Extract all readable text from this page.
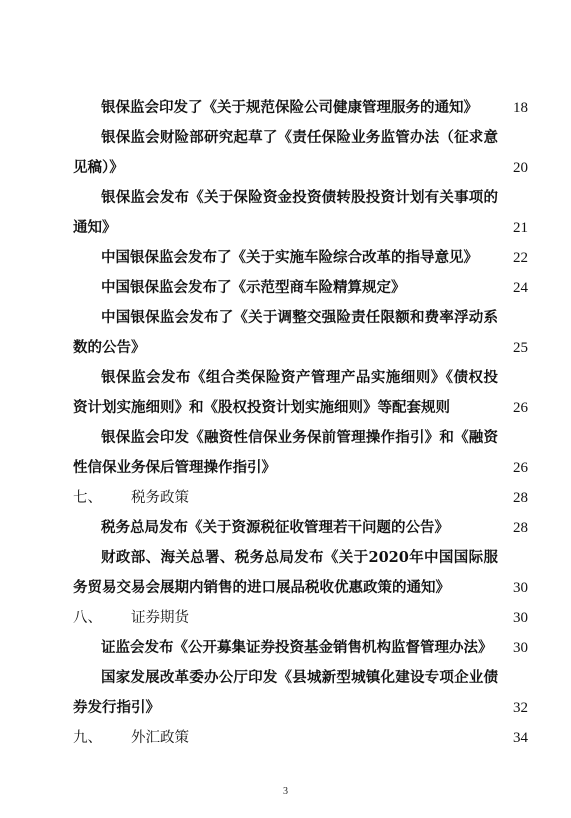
银保监会印发了《关于规范保险公司健康管理服务的通知》	18
银保监会财险部研究起草了《责任保险业务监管办法（征求意见稿）》	20
银保监会发布《关于保险资金投资债转股投资计划有关事项的通知》	21
中国银保监会发布了《关于实施车险综合改革的指导意见》	22
中国银保监会发布了《示范型商车险精算规定》	24
中国银保监会发布了《关于调整交强险责任限额和费率浮动系数的公告》	25
银保监会发布《组合类保险资产管理产品实施细则》《债权投资计划实施细则》和《股权投资计划实施细则》等配套规则	26
银保监会印发《融资性信保业务保前管理操作指引》和《融资性信保业务保后管理操作指引》	26
七、 税务政策	28
税务总局发布《关于资源税征收管理若干问题的公告》	28
财政部、海关总署、税务总局发布《关于2020年中国国际服务贸易交易会展期内销售的进口展品税收优惠政策的通知》	30
八、 证券期货	30
证监会发布《公开募集证券投资基金销售机构监督管理办法》	30
国家发展改革委办公厅印发《县城新型城镇化建设专项企业债券发行指引》	32
九、 外汇政策	34
3
